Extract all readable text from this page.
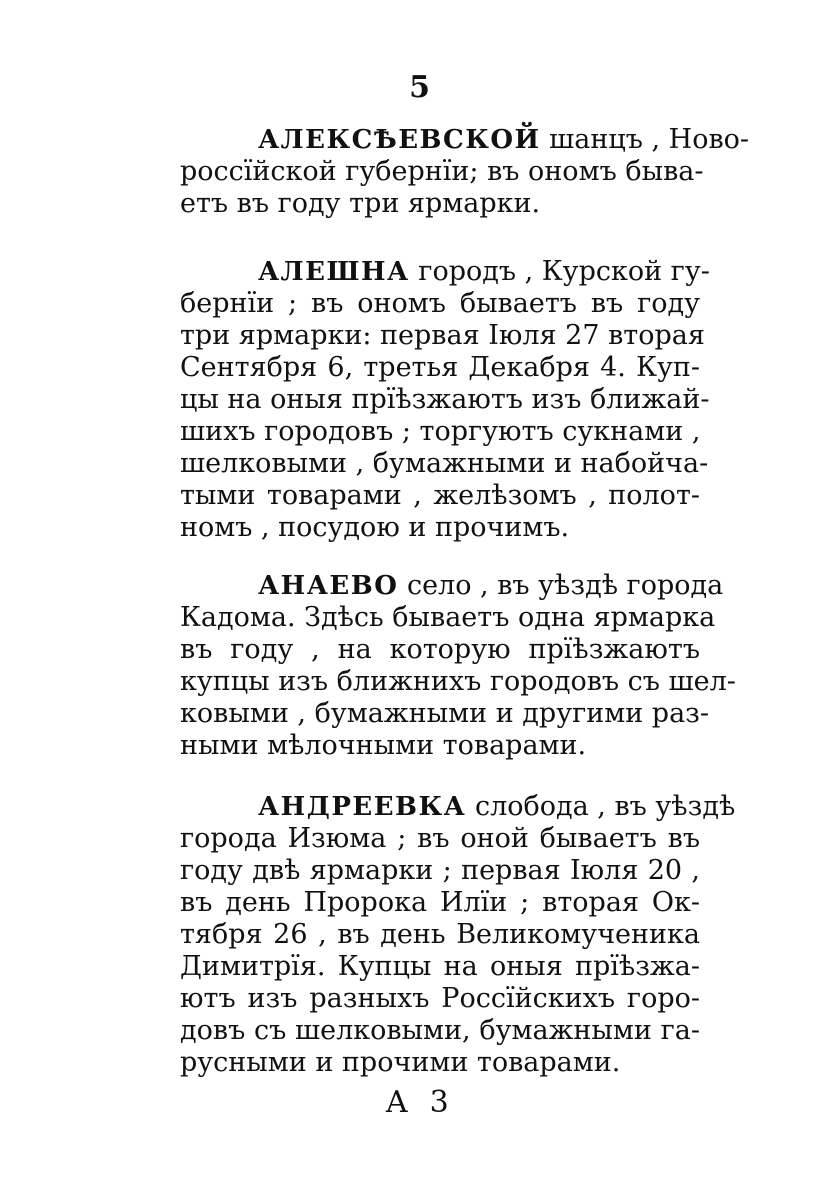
5

АЛЕКСѢЕВСКОЙ шанцъ , Ново-
россїйской губернїи; въ ономъ быва-
етъ въ году три ярмарки.

АЛЕШНА городъ , Курской гу-
бернїи ; въ ономъ бываетъ въ году
три ярмарки: первая Іюля 27 вторая
Сентября 6, третья Декабря 4. Куп-
цы на оныя прїѣзжаютъ изъ ближай-
шихъ городовъ ; торгуютъ сукнами ,
шелковыми , бумажными и набойча-
тыми товарами , желѣзомъ , полот-
номъ , посудою и прочимъ.

АНАЕВО село , въ уѣздѣ города
Кадома. Здѣсь бываетъ одна ярмарка
въ году , на которую прїѣзжаютъ
купцы изъ ближнихъ городовъ съ шел-
ковыми , бумажными и другими раз-
ными мѣлочными товарами.

АНДРЕЕВКА слобода , въ уѣздѣ
города Изюма ; въ оной бываетъ въ
году двѣ ярмарки ; первая Іюля 20 ,
въ день Пророка Илїи ; вторая Ок-
тября 26 , въ день Великомученика
Димитрїя. Купцы на оныя прїѣзжа-
ютъ изъ разныхъ Россїйскихъ горо-
довъ съ шелковыми, бумажными га-
русными и прочими товарами.

А 3
